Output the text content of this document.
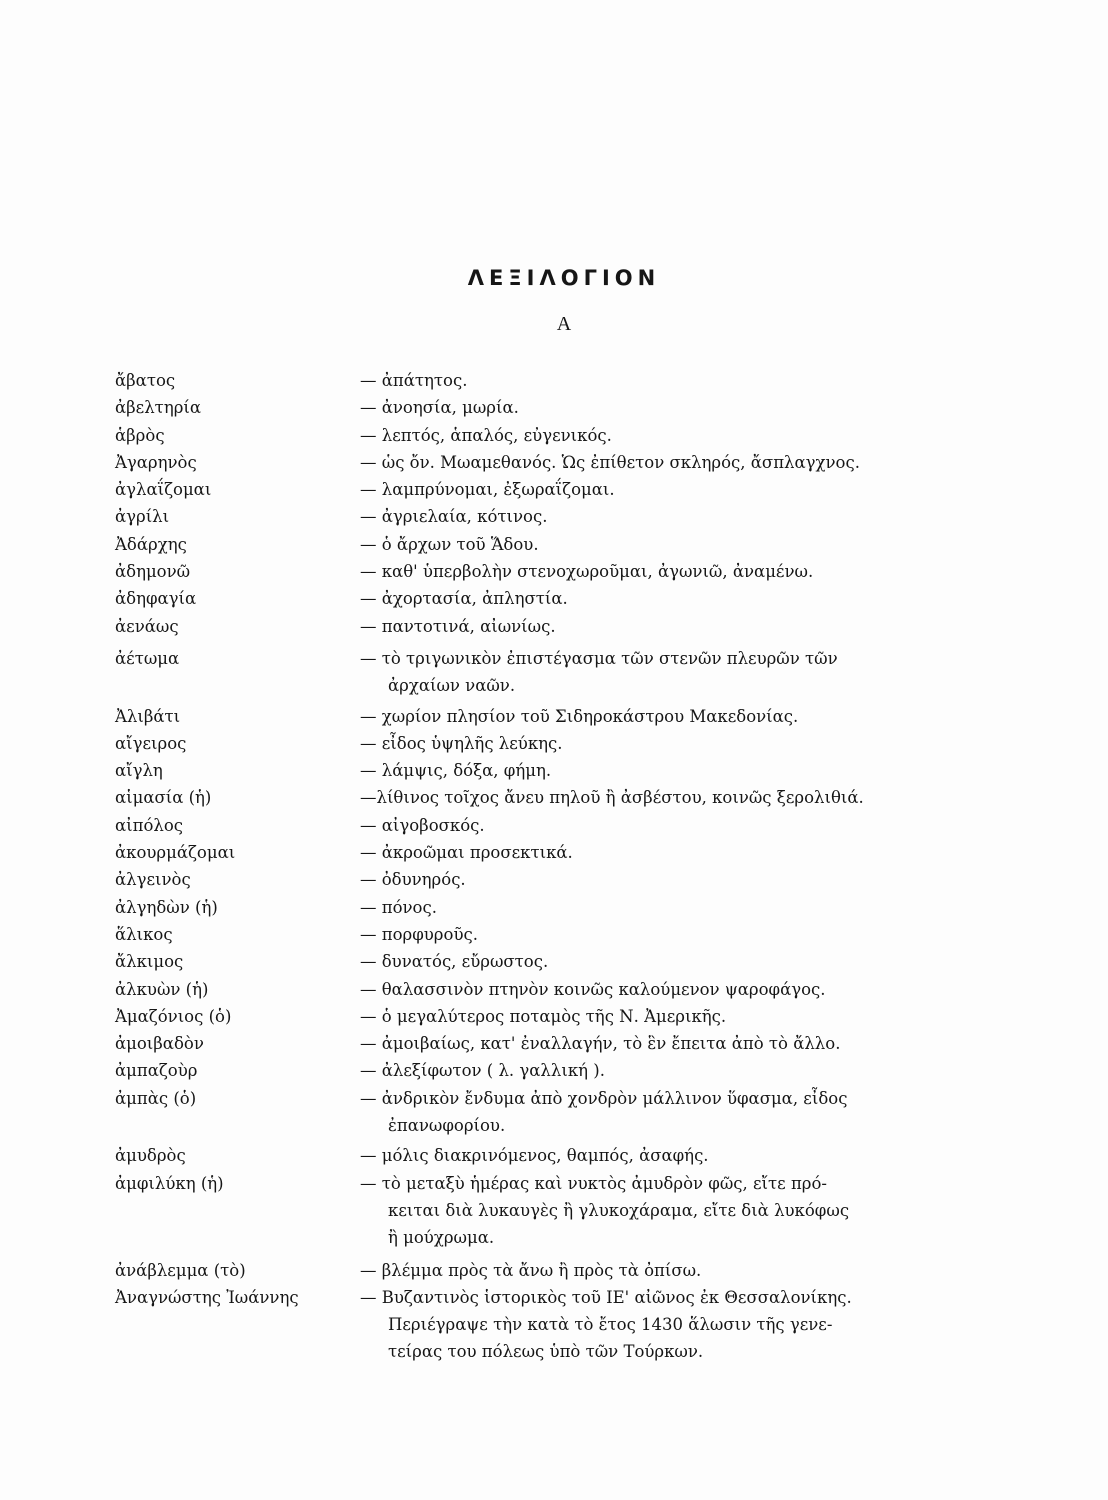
ΛΕΞΙΛΟΓΙΟΝ
Α
ἄβατος	— ἀπάτητος.
ἀβελτηρία	— ἀνοησία, μωρία.
ἁβρὸς	— λεπτός, ἁπαλός, εὐγενικός.
Ἀγαρηνὸς	— ὡς ὄν. Μωαμεθανός. Ὡς ἐπίθετον σκληρός, ἄσπλαγχνος.
ἀγλαΐζομαι	— λαμπρύνομαι, ἐξωραΐζομαι.
ἀγρίλι	— ἀγριελαία, κότινος.
Ἀδάρχης	— ὁ ἄρχων τοῦ Ἅδου.
ἀδημονῶ	— καθ' ὑπερβολὴν στενοχωροῦμαι, ἀγωνιῶ, ἀναμένω.
ἀδηφαγία	— ἀχορτασία, ἀπληστία.
ἀενάως	— παντοτινά, αἰωνίως.
ἀέτωμα	— τὸ τριγωνικὸν ἐπιστέγασμα τῶν στενῶν πλευρῶν τῶν
ἀρχαίων ναῶν.
Ἀλιβάτι	— χωρίον πλησίον τοῦ Σιδηροκάστρου Μακεδονίας.
αἴγειρος	— εἶδος ὑψηλῆς λεύκης.
αἴγλη	— λάμψις, δόξα, φήμη.
αἱμασία (ἡ)	—λίθινος τοῖχος ἄνευ πηλοῦ ἢ ἀσβέστου, κοινῶς ξερολιθιά.
αἰπόλος	— αἰγοβοσκός.
ἀκουρμάζομαι	— ἀκροῶμαι προσεκτικά.
ἀλγεινὸς	— ὀδυνηρός.
ἀλγηδὼν (ἡ)	— πόνος.
ἅλικος	— πορφυροῦς.
ἄλκιμος	— δυνατός, εὔρωστος.
ἀλκυὼν (ἡ)	— θαλασσινὸν πτηνὸν κοινῶς καλούμενον ψαροφάγος.
Ἀμαζόνιος (ὁ)	— ὁ μεγαλύτερος ποταμὸς τῆς Ν. Ἀμερικῆς.
ἀμοιβαδὸν	— ἀμοιβαίως, κατ' ἐναλλαγήν, τὸ ἓν ἔπειτα ἀπὸ τὸ ἄλλο.
ἀμπαζοὺρ	— ἀλεξίφωτον ( λ. γαλλική ).
ἀμπὰς (ὁ)	— ἀνδρικὸν ἔνδυμα ἀπὸ χονδρὸν μάλλινον ὕφασμα, εἶδος
ἐπανωφορίου.
ἀμυδρὸς	— μόλις διακρινόμενος, θαμπός, ἀσαφής.
ἀμφιλύκη (ἡ)	— τὸ μεταξὺ ἡμέρας καὶ νυκτὸς ἀμυδρὸν φῶς, εἴτε πρό-
κειται διὰ λυκαυγὲς ἢ γλυκοχάραμα, εἴτε διὰ λυκόφως
ἢ μούχρωμα.
ἀνάβλεμμα (τὸ)	— βλέμμα πρὸς τὰ ἄνω ἢ πρὸς τὰ ὀπίσω.
Ἀναγνώστης Ἰωάννης	— Βυζαντινὸς ἱστορικὸς τοῦ ΙΕ' αἰῶνος ἐκ Θεσσαλονίκης.
Περιέγραψε τὴν κατὰ τὸ ἔτος 1430 ἅλωσιν τῆς γενε-
τείρας του πόλεως ὑπὸ τῶν Τούρκων.
